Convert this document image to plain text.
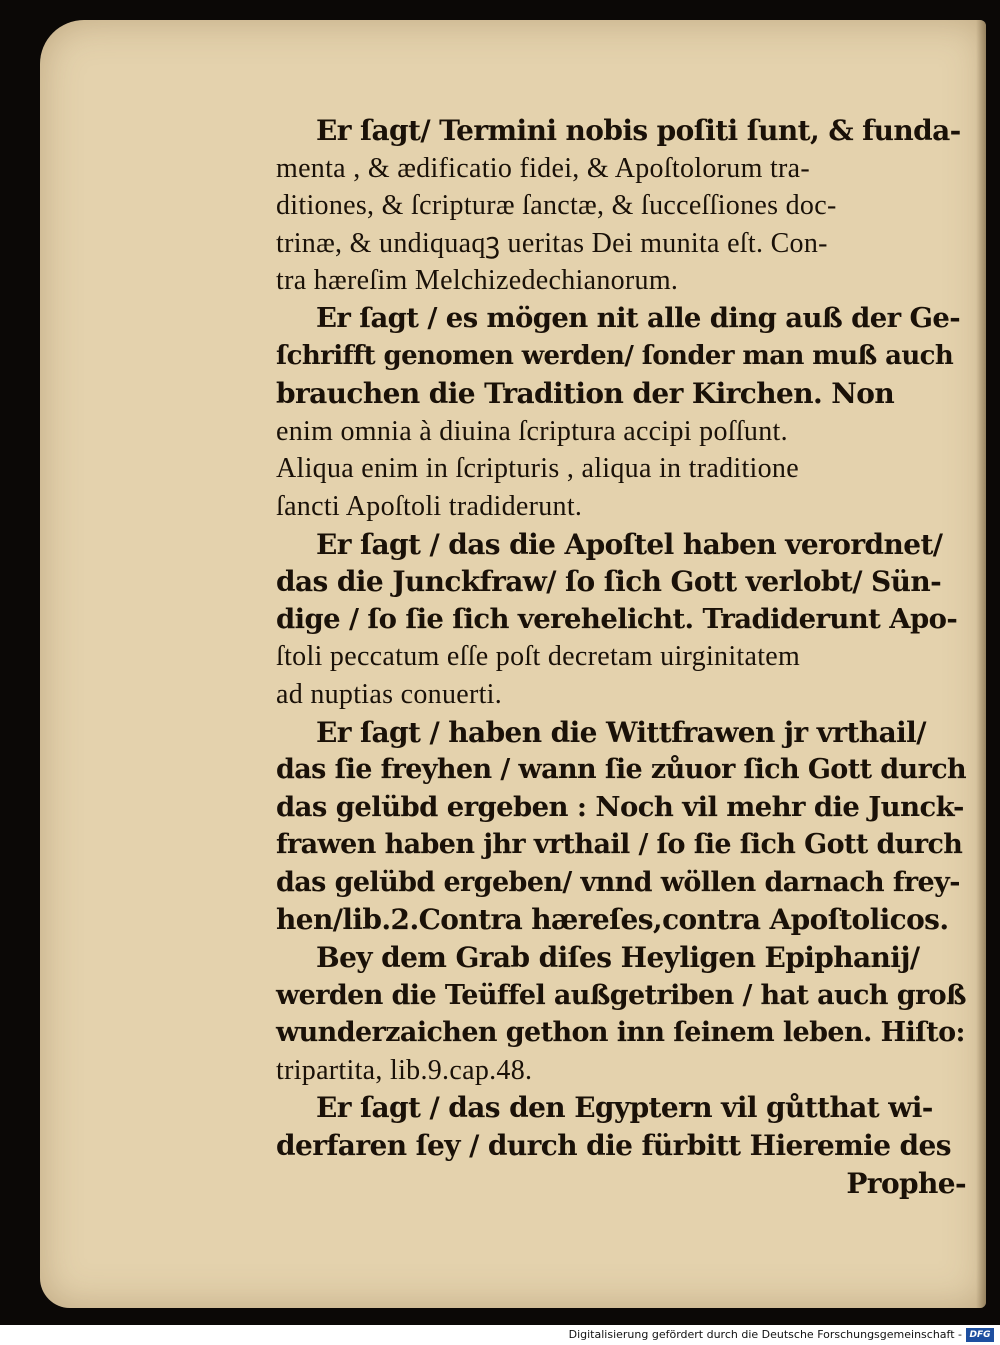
Er ſagt/ Termini nobis poſiti ſunt, & funda-
menta , & ædificatio fidei, & Apoſtolorum tra-
ditiones, & ſcripturæ ſanctæ, & ſucceſſiones doc-
trinæ, & undiquaqꝫ ueritas Dei munita eſt. Con-
tra hæreſim Melchizedechianorum.
Er ſagt / es mögen nit alle ding auß der Ge-
ſchrifft genomen werden/ ſonder man muß auch
brauchen die Tradition der Kirchen. Non
enim omnia à diuina ſcriptura accipi poſſunt.
Aliqua enim in ſcripturis , aliqua in traditione
ſancti Apoſtoli tradiderunt.
Er ſagt / das die Apoſtel haben verordnet/
das die Junckfraw/ ſo ſich Gott verlobt/ Sün-
dige / ſo ſie ſich verehelicht. Tradiderunt Apo-
ſtoli peccatum eſſe poſt decretam uirginitatem
ad nuptias conuerti.
Er ſagt / haben die Wittfrawen jr vrthail/
das ſie freyhen / wann ſie zůuor ſich Gott durch
das gelübd ergeben : Noch vil mehr die Junck-
frawen haben jhr vrthail / ſo ſie ſich Gott durch
das gelübd ergeben/ vnnd wöllen darnach frey-
hen/lib.2.Contra hæreſes,contra Apoſtolicos.
Bey dem Grab diſes Heyligen Epiphanij/
werden die Teüffel außgetriben / hat auch groß
wunderzaichen gethon inn ſeinem leben. Hiſto:
tripartita, lib.9.cap.48.
Er ſagt / das den Egyptern vil gůtthat wi-
derfaren ſey / durch die fürbitt Hieremie des
Prophe-
Digitalisierung gefördert durch die Deutsche Forschungsgemeinschaft - DFG
